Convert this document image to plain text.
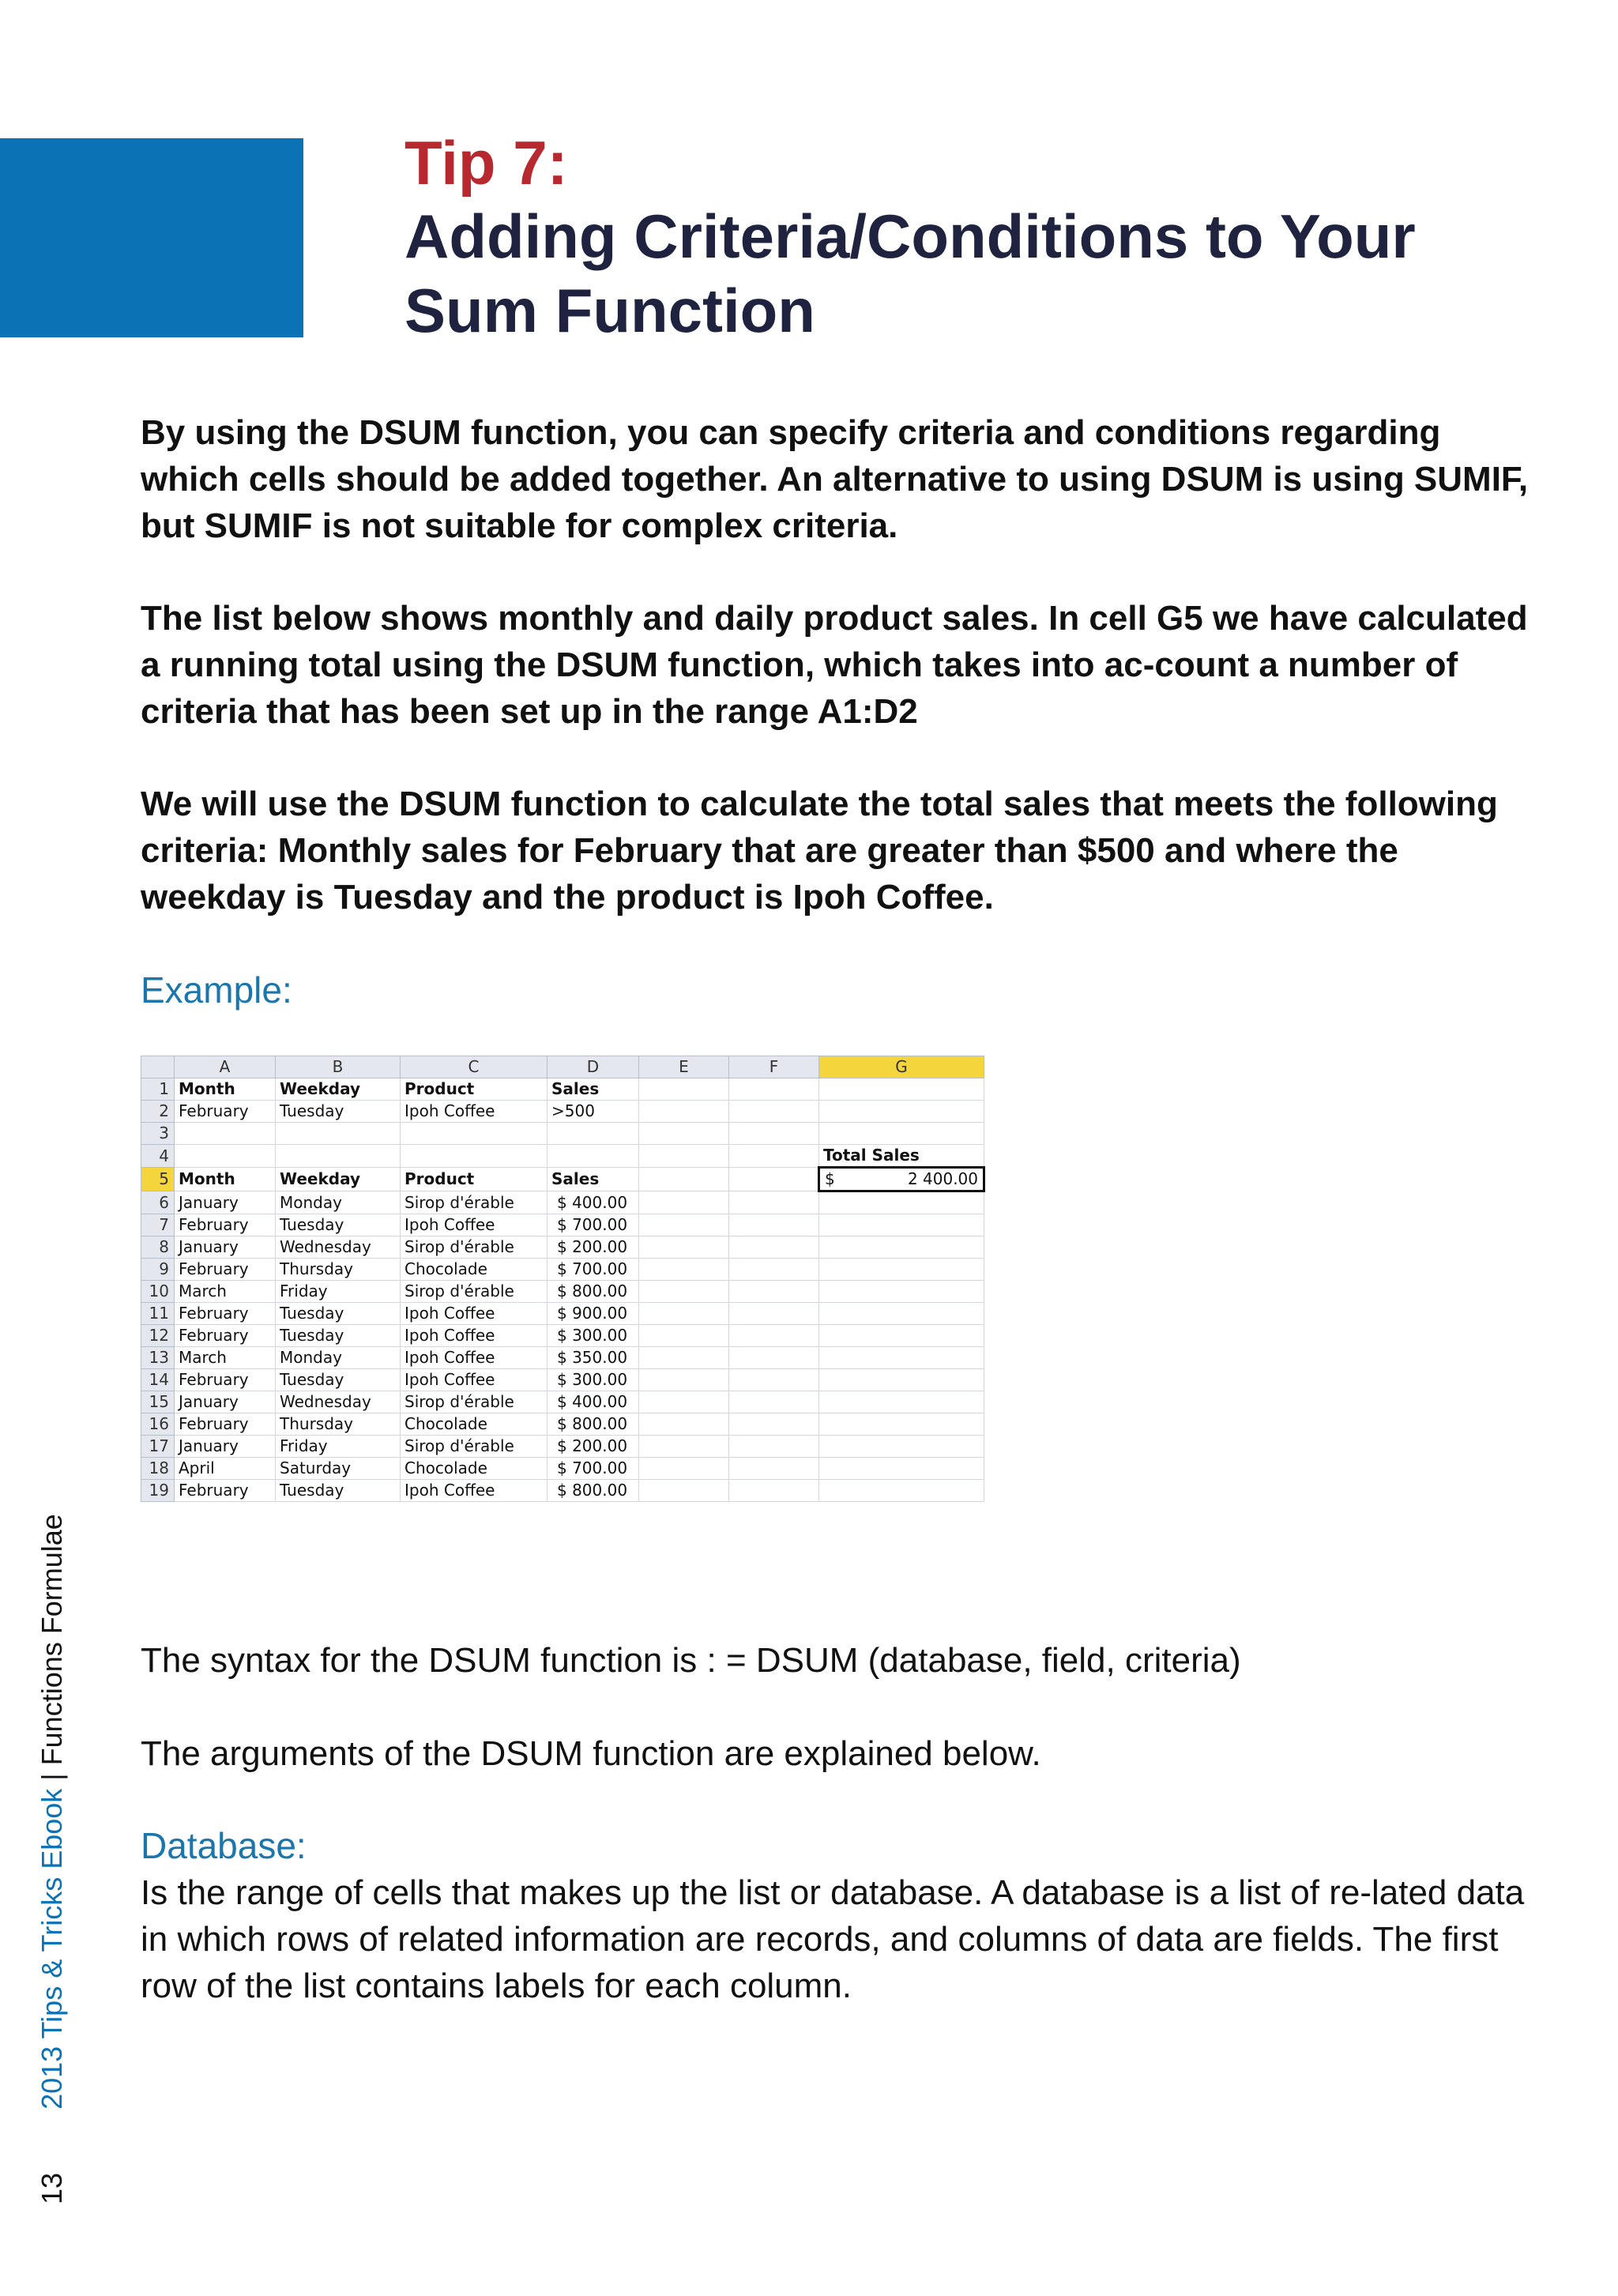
Tip 7:
Adding Criteria/Conditions to Your Sum Function
By using the DSUM function, you can specify criteria and conditions regarding which cells should be added together. An alternative to using DSUM is using SUMIF, but SUMIF is not suitable for complex criteria.
The list below shows monthly and daily product sales. In cell G5 we have calculated a running total using the DSUM function, which takes into ac-count a number of criteria that has been set up in the range A1:D2
We will use the DSUM function to calculate the total sales that meets the following criteria: Monthly sales for February that are greater than $500 and where the weekday is Tuesday and the product is Ipoh Coffee.
Example:
	A	B	C	D	E	F	G
1	Month	Weekday	Product	Sales			
2	February	Tuesday	Ipoh Coffee	>500			
3							
4							Total Sales
5	Month	Weekday	Product	Sales			$ 2 400.00

6	January	Monday	Sirop d'érable	$ 400.00			
7	February	Tuesday	Ipoh Coffee	$ 700.00			
8	January	Wednesday	Sirop d'érable	$ 200.00			
9	February	Thursday	Chocolade	$ 700.00			
10	March	Friday	Sirop d'érable	$ 800.00			
11	February	Tuesday	Ipoh Coffee	$ 900.00			
12	February	Tuesday	Ipoh Coffee	$ 300.00			
13	March	Monday	Ipoh Coffee	$ 350.00			
14	February	Tuesday	Ipoh Coffee	$ 300.00			
15	January	Wednesday	Sirop d'érable	$ 400.00			
16	February	Thursday	Chocolade	$ 800.00			
17	January	Friday	Sirop d'érable	$ 200.00			
18	April	Saturday	Chocolade	$ 700.00			
19	February	Tuesday	Ipoh Coffee	$ 800.00			
The syntax for the DSUM function is : = DSUM (database, field, criteria)
The arguments of the DSUM function are explained below.
Database:
Is the range of cells that makes up the list or database. A database is a list of re-lated data in which rows of related information are records, and columns of data are fields. The first row of the list contains labels for each column.
13  2013 Tips & Tricks Ebook | Functions Formulae
